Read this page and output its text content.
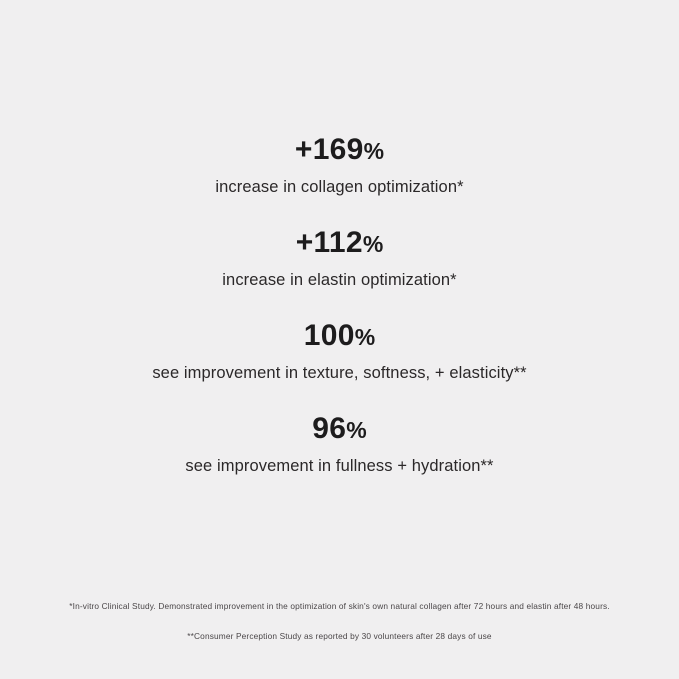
+169%
increase in collagen optimization*
+112%
increase in elastin optimization*
100%
see improvement in texture, softness, + elasticity**
96%
see improvement in fullness + hydration**
*In-vitro Clinical Study. Demonstrated improvement in the optimization of skin's own natural collagen after 72 hours and elastin after 48 hours.
**Consumer Perception Study as reported by 30 volunteers after 28 days of use
